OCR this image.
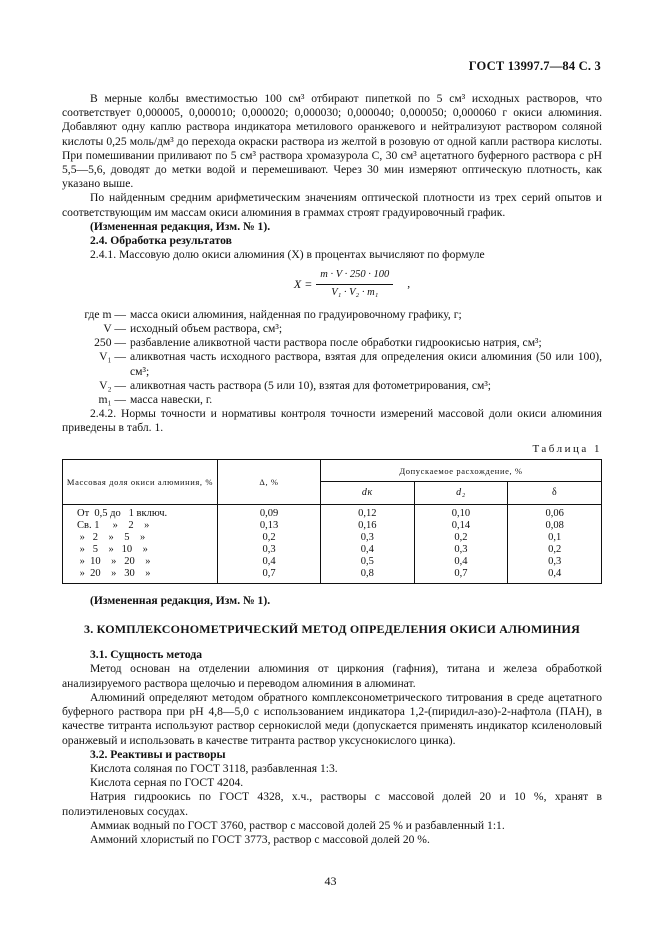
ГОСТ 13997.7—84 С. 3

В мерные колбы вместимостью 100 см³ отбирают пипеткой по 5 см³ исходных растворов, что соответствует 0,000005, 0,000010; 0,000020; 0,000030; 0,000040; 0,000050; 0,000060 г окиси алюминия. Добавляют одну каплю раствора индикатора метилового оранжевого и нейтрализуют раствором соляной кислоты 0,25 моль/дм³ до перехода окраски раствора из желтой в розовую от одной капли раствора кислоты. При помешивании приливают по 5 см³ раствора хромазурола С, 30 см³ ацетатного буферного раствора с pH 5,5—5,6, доводят до метки водой и перемешивают. Через 30 мин измеряют оптическую плотность, как указано выше.

По найденным средним арифметическим значениям оптической плотности из трех серий опытов и соответствующим им массам окиси алюминия в граммах строят градуировочный график.

(Измененная редакция, Изм. № 1).

2.4. Обработка результатов

2.4.1. Массовую долю окиси алюминия (X) в процентах вычисляют по формуле

$X = \frac{m \cdot V \cdot 250 \cdot 100}{\text{V₁ · V₂ · m₁}}$ ,
где m — масса окиси алюминия, найденная по градуировочному графику, г;
V — исходный объем раствора, см³;
250 — разбавление аликвотной части раствора после обработки гидроокисью натрия, см³;
V₁ — аликвотная часть исходного раствора, взятая для определения окиси алюминия (50 или 100), см³;
V₂ — аликвотная часть раствора (5 или 10), взятая для фотометрирования, см³;
m₁ — масса навески, г.

2.4.2. Нормы точности и нормативы контроля точности измерений массовой доли окиси алюминия приведены в табл. 1.

Таблица 1
Массовая доля окиси алюминия, %	Δ, %	Допускаемое расхождение, %		
		dк	d₂	δ
От  0,5 до   1 включ.	0,09	0,12	0,10	0,06
Св. 1     »    2    »	0,13	0,16	0,14	0,08
»   2    »    5    »	0,2	0,3	0,2	0,1
»   5    »   10    »	0,3	0,4	0,3	0,2
»  10    »   20    »	0,4	0,5	0,4	0,3
»  20    »   30    »	0,7	0,8	0,7	0,4

(Измененная редакция, Изм. № 1).

3. КОМПЛЕКСОНОМЕТРИЧЕСКИЙ МЕТОД ОПРЕДЕЛЕНИЯ ОКИСИ АЛЮМИНИЯ

3.1. Сущность метода

Метод основан на отделении алюминия от циркония (гафния), титана и железа обработкой анализируемого раствора щелочью и переводом алюминия в алюминат.

Алюминий определяют методом обратного комплексонометрического титрования в среде ацетатного буферного раствора при pH 4,8—5,0 с использованием индикатора 1,2-(пиридил-азо)-2-нафтола (ПАН), в качестве титранта используют раствор сернокислой меди (допускается применять индикатор ксиленоловый оранжевый и использовать в качестве титранта раствор уксуснокислого цинка).

3.2. Реактивы и растворы

Кислота соляная по ГОСТ 3118, разбавленная 1:3.

Кислота серная по ГОСТ 4204.

Натрия гидроокись по ГОСТ 4328, х.ч., растворы с массовой долей 20 и 10 %, хранят в полиэтиленовых сосудах.

Аммиак водный по ГОСТ 3760, раствор с массовой долей 25 % и разбавленный 1:1.

Аммоний хлористый по ГОСТ 3773, раствор с массовой долей 20 %.

43
